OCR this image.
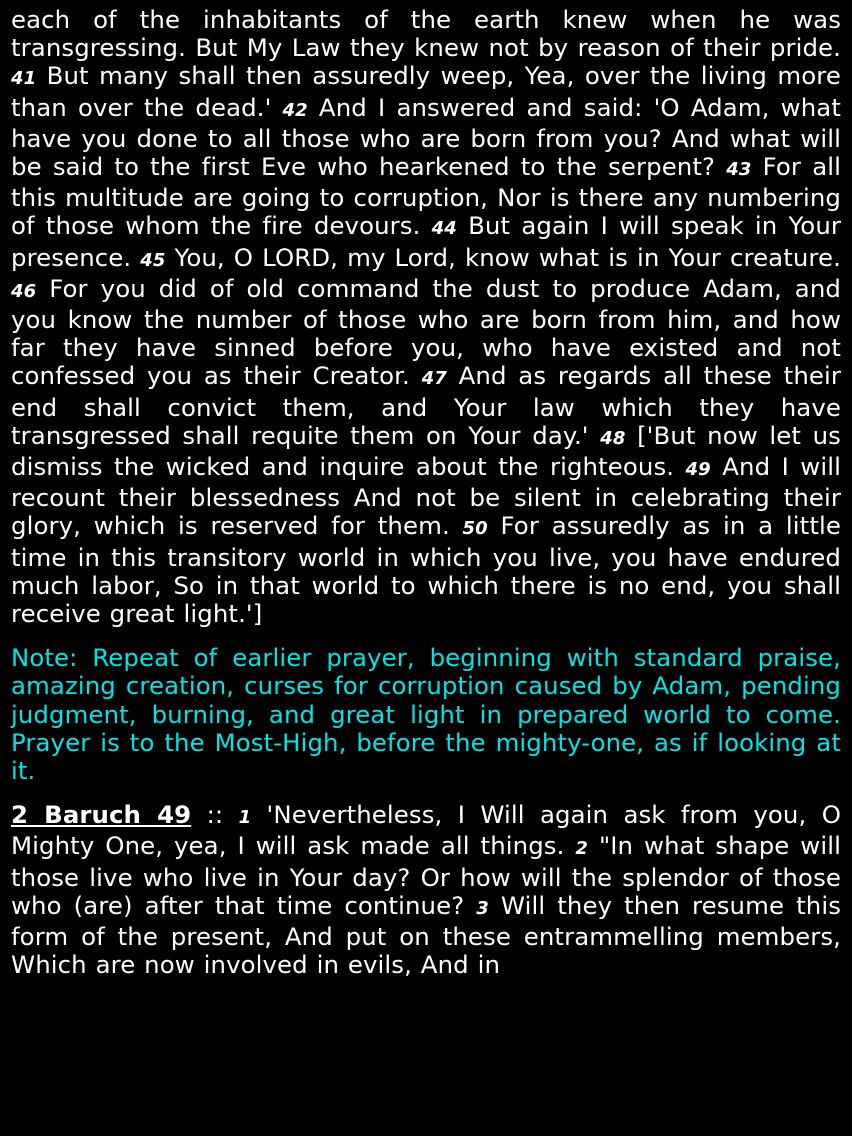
each of the inhabitants of the earth knew when he was transgressing. But My Law they knew not by reason of their pride. 41 But many shall then assuredly weep, Yea, over the living more than over the dead.' 42 And I answered and said: 'O Adam, what have you done to all those who are born from you? And what will be said to the first Eve who hearkened to the serpent? 43 For all this multitude are going to corruption, Nor is there any numbering of those whom the fire devours. 44 But again I will speak in Your presence. 45 You, O LORD, my Lord, know what is in Your creature. 46 For you did of old command the dust to produce Adam, and you know the number of those who are born from him, and how far they have sinned before you, who have existed and not confessed you as their Creator. 47 And as regards all these their end shall convict them, and Your law which they have transgressed shall requite them on Your day.' 48 ['But now let us dismiss the wicked and inquire about the righteous. 49 And I will recount their blessedness And not be silent in celebrating their glory, which is reserved for them. 50 For assuredly as in a little time in this transitory world in which you live, you have endured much labor, So in that world to which there is no end, you shall receive great light.']

Note: Repeat of earlier prayer, beginning with standard praise, amazing creation, curses for corruption caused by Adam, pending judgment, burning, and great light in prepared world to come. Prayer is to the Most-High, before the mighty-one, as if looking at it.

2 Baruch 49 :: 1 'Nevertheless, I Will again ask from you, O Mighty One, yea, I will ask made all things. 2 "In what shape will those live who live in Your day? Or how will the splendor of those who (are) after that time continue? 3 Will they then resume this form of the present, And put on these entrammelling members, Which are now involved in evils, And in
